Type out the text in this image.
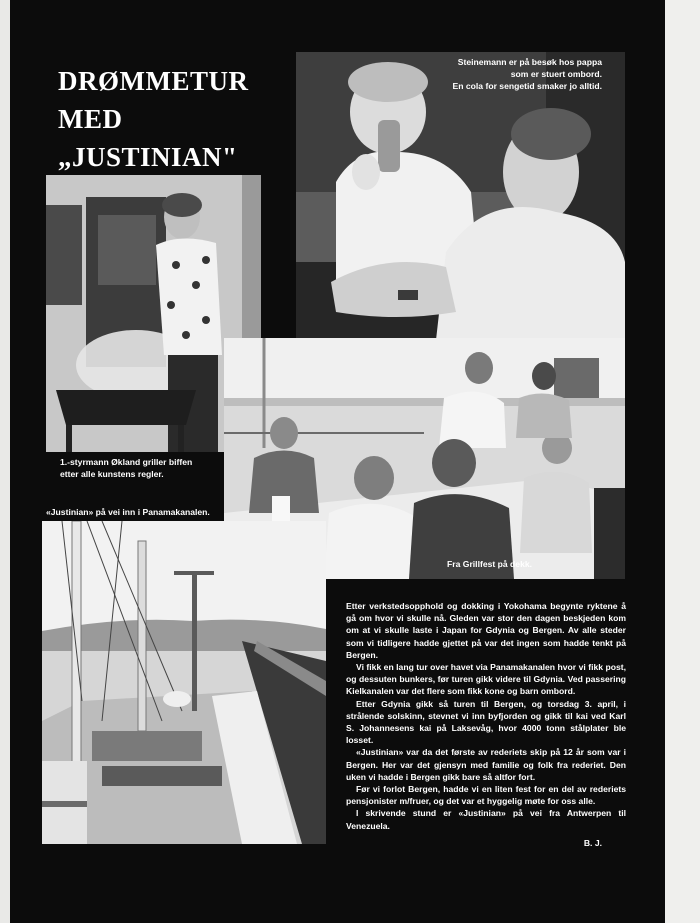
DRØMMETUR
MED
„JUSTINIAN"
Steinemann er på besøk hos pappa
som er stuert ombord.
En cola for sengetid smaker jo alltid.
1.-styrmann Økland griller biffen
etter alle kunstens regler.
Fra Grillfest på dekk.
«Justinian» på vei inn i Panamakanalen.

Etter verkstedsopphold og dokking i Yokohama begynte ryktene å gå om hvor vi skulle nå. Gleden var stor den dagen beskjeden kom om at vi skulle laste i Japan for Gdynia og Bergen. Av alle steder som vi tidligere hadde gjettet på var det ingen som hadde tenkt på Bergen.

Vi fikk en lang tur over havet via Panamakanalen hvor vi fikk post, og dessuten bunkers, før turen gikk videre til Gdynia. Ved passering Kielkanalen var det flere som fikk kone og barn ombord.

Etter Gdynia gikk så turen til Bergen, og torsdag 3. april, i strålende solskinn, stevnet vi inn byfjorden og gikk til kai ved Karl S. Johannesens kai på Laksevåg, hvor 4000 tonn stålplater ble losset.

«Justinian» var da det første av rederiets skip på 12 år som var i Bergen. Her var det gjensyn med familie og folk fra rederiet. Den uken vi hadde i Bergen gikk bare så altfor fort.

Før vi forlot Bergen, hadde vi en liten fest for en del av rederiets pensjonister m/fruer, og det var et hyggelig møte for oss alle.

I skrivende stund er «Justinian» på vei fra Antwerpen til Venezuela.

B. J.
